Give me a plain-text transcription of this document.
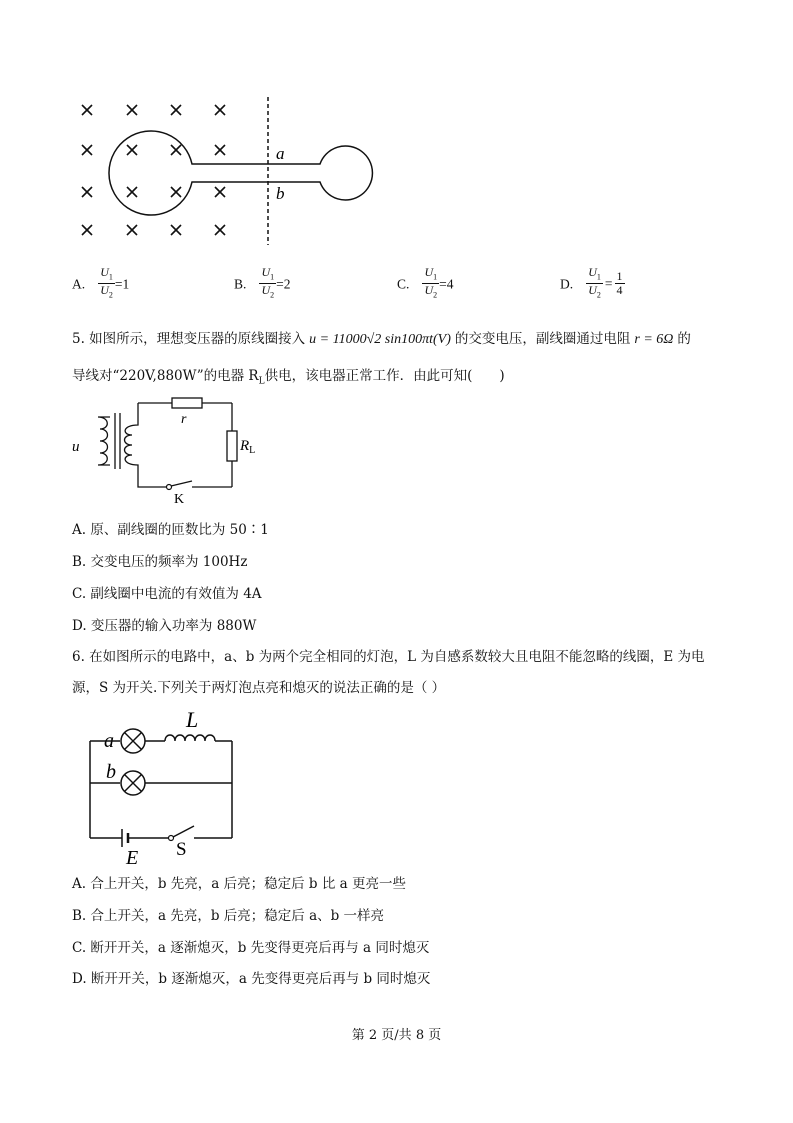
a
b
A. $\frac{U_1}{U_2} =1$	B. $\frac{U_1}{U_2} =2$	C. $\frac{U_1}{U_2} =4$	D. $\frac{U_1}{U_2} = \frac{1}{4}$
5. 如图所示，理想变压器的原线圈接入 u = 11000√2 sin100πt(V) 的交变电压，副线圈通过电阻 r = 6Ω 的
导线对“220V,880W”的电器 $R_L$供电，该电器正常工作．由此可知(　　)
u
r
$R_L$
K
A. 原、副线圈的匝数比为 50∶1
B. 交变电压的频率为 100Hz
C. 副线圈中电流的有效值为 4A
D. 变压器的输入功率为 880W
6. 在如图所示的电路中，a、b 为两个完全相同的灯泡，L 为自感系数较大且电阻不能忽略的线圈，E 为电
源，S 为开关.下列关于两灯泡点亮和熄灭的说法正确的是（ ）
a
L
b
E S
A. 合上开关，b 先亮，a 后亮；稳定后 b 比 a 更亮一些
B. 合上开关，a 先亮，b 后亮；稳定后 a、b 一样亮
C. 断开开关，a 逐渐熄灭，b 先变得更亮后再与 a 同时熄灭
D. 断开开关，b 逐渐熄灭，a 先变得更亮后再与 b 同时熄灭
第 2 页/共 8 页
